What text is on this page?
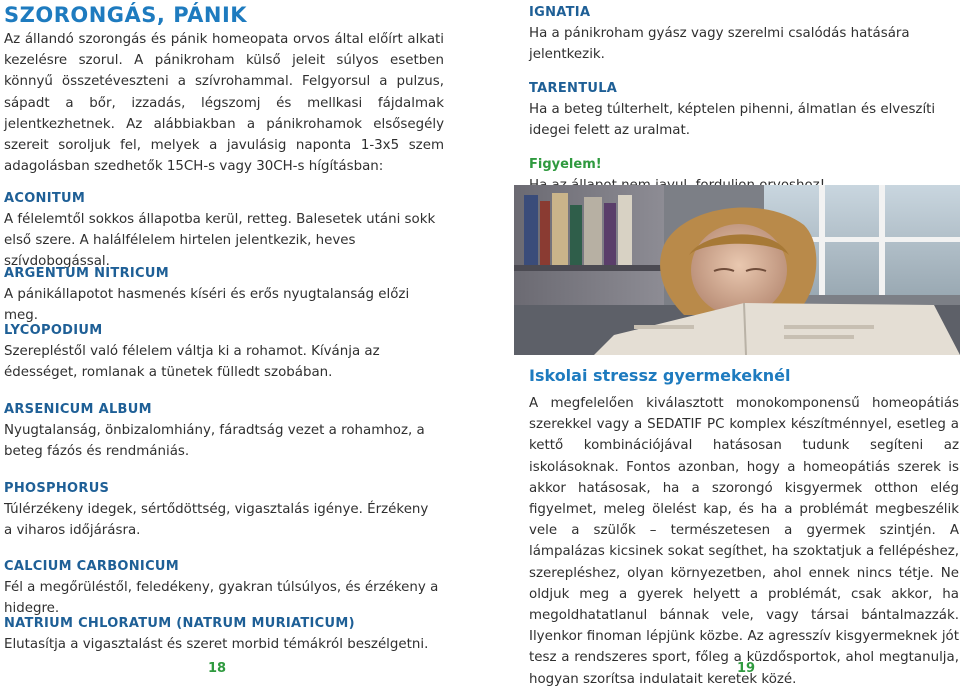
SZORONGÁS, PÁNIK

Az állandó szorongás és pánik homeopata orvos által előírt alkati kezelésre szorul. A pánikroham külső jeleit súlyos esetben könnyű összetéveszteni a szívrohammal. Felgyorsul a pulzus, sápadt a bőr, izzadás, légszomj és mellkasi fájdalmak jelentkezhetnek. Az alábbiakban a pánikrohamok elsősegély szereit soroljuk fel, melyek a javulásig naponta 1-3x5 szem adagolásban szedhetők 15CH-s vagy 30CH-s hígításban:

ACONITUM

A félelemtől sokkos állapotba kerül, retteg. Balesetek utáni sokk első szere. A halálfélelem hirtelen jelentkezik, heves szívdobogással.

ARGENTUM NITRICUM

A pánikállapotot hasmenés kíséri és erős nyugtalanság előzi meg.

LYCOPODIUM

Szerepléstől való félelem váltja ki a rohamot. Kívánja az édességet, romlanak a tünetek fülledt szobában.

ARSENICUM ALBUM

Nyugtalanság, önbizalomhiány, fáradtság vezet a rohamhoz, a beteg fázós és rendmániás.

PHOSPHORUS

Túlérzékeny idegek, sértődöttség, vigasztalás igénye. Érzékeny a viharos időjárásra.

CALCIUM CARBONICUM

Fél a megőrüléstől, feledékeny, gyakran túlsúlyos, és érzékeny a hidegre.

NATRIUM CHLORATUM (NATRUM MURIATICUM)

Elutasítja a vigasztalást és szeret morbid témákról beszélgetni.

18
IGNATIA

Ha a pánikroham gyász vagy szerelmi csalódás hatására jelentkezik.

TARENTULA

Ha a beteg túlterhelt, képtelen pihenni, álmatlan és elveszíti idegei felett az uralmat.

Figyelem!

Iskolai stressz gyermekeknél

A megfelelően kiválasztott monokomponensű homeopátiás szerekkel vagy a SEDATIF PC komplex készítménnyel, esetleg a kettő kombinációjával hatásosan tudunk segíteni az iskolásoknak. Fontos azonban, hogy a homeopátiás szerek is akkor hatásosak, ha a szorongó kisgyermek otthon elég figyelmet, meleg ölelést kap, és ha a problémát megbeszélik vele a szülők – természetesen a gyermek szintjén. A lámpalázas kicsinek sokat segíthet, ha szoktatjuk a fellépéshez, szerepléshez, olyan környezetben, ahol ennek nincs tétje. Ne oldjuk meg a gyerek helyett a problémát, csak akkor, ha megoldhatatlanul bánnak vele, vagy társai bántalmazzák. Ilyenkor finoman lépjünk közbe. Az agresszív kisgyermeknek jót tesz a rendszeres sport, főleg a küzdősportok, ahol megtanulja, hogyan szorítsa indulatait keretek közé.

19
